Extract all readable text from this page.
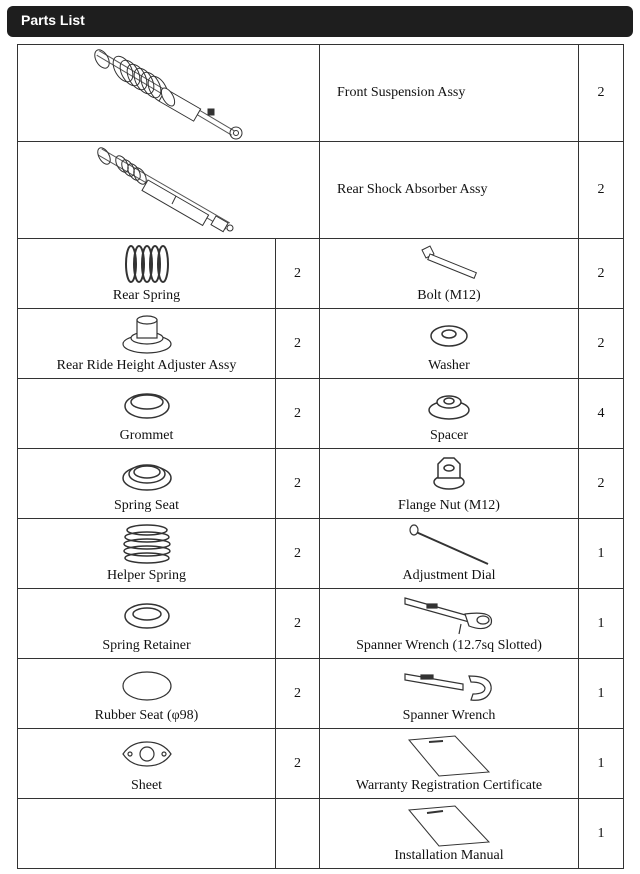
Parts List
	Front Suspension Assy	2

	Rear Shock Absorber Assy	2

Rear Spring	2	Bolt (M12)	2

Rear Ride Height Adjuster Assy	2	Washer	2

Grommet	2	Spacer	4

Spring Seat	2	Flange Nut (M12)	2

Helper Spring	2	Adjustment Dial	1

Spring Retainer	2	Spanner Wrench (12.7sq Slotted)	1

Rubber Seat (φ98)	2	Spanner Wrench	1

Sheet	2	Warranty Registration Certificate	1

		Installation Manual	1
